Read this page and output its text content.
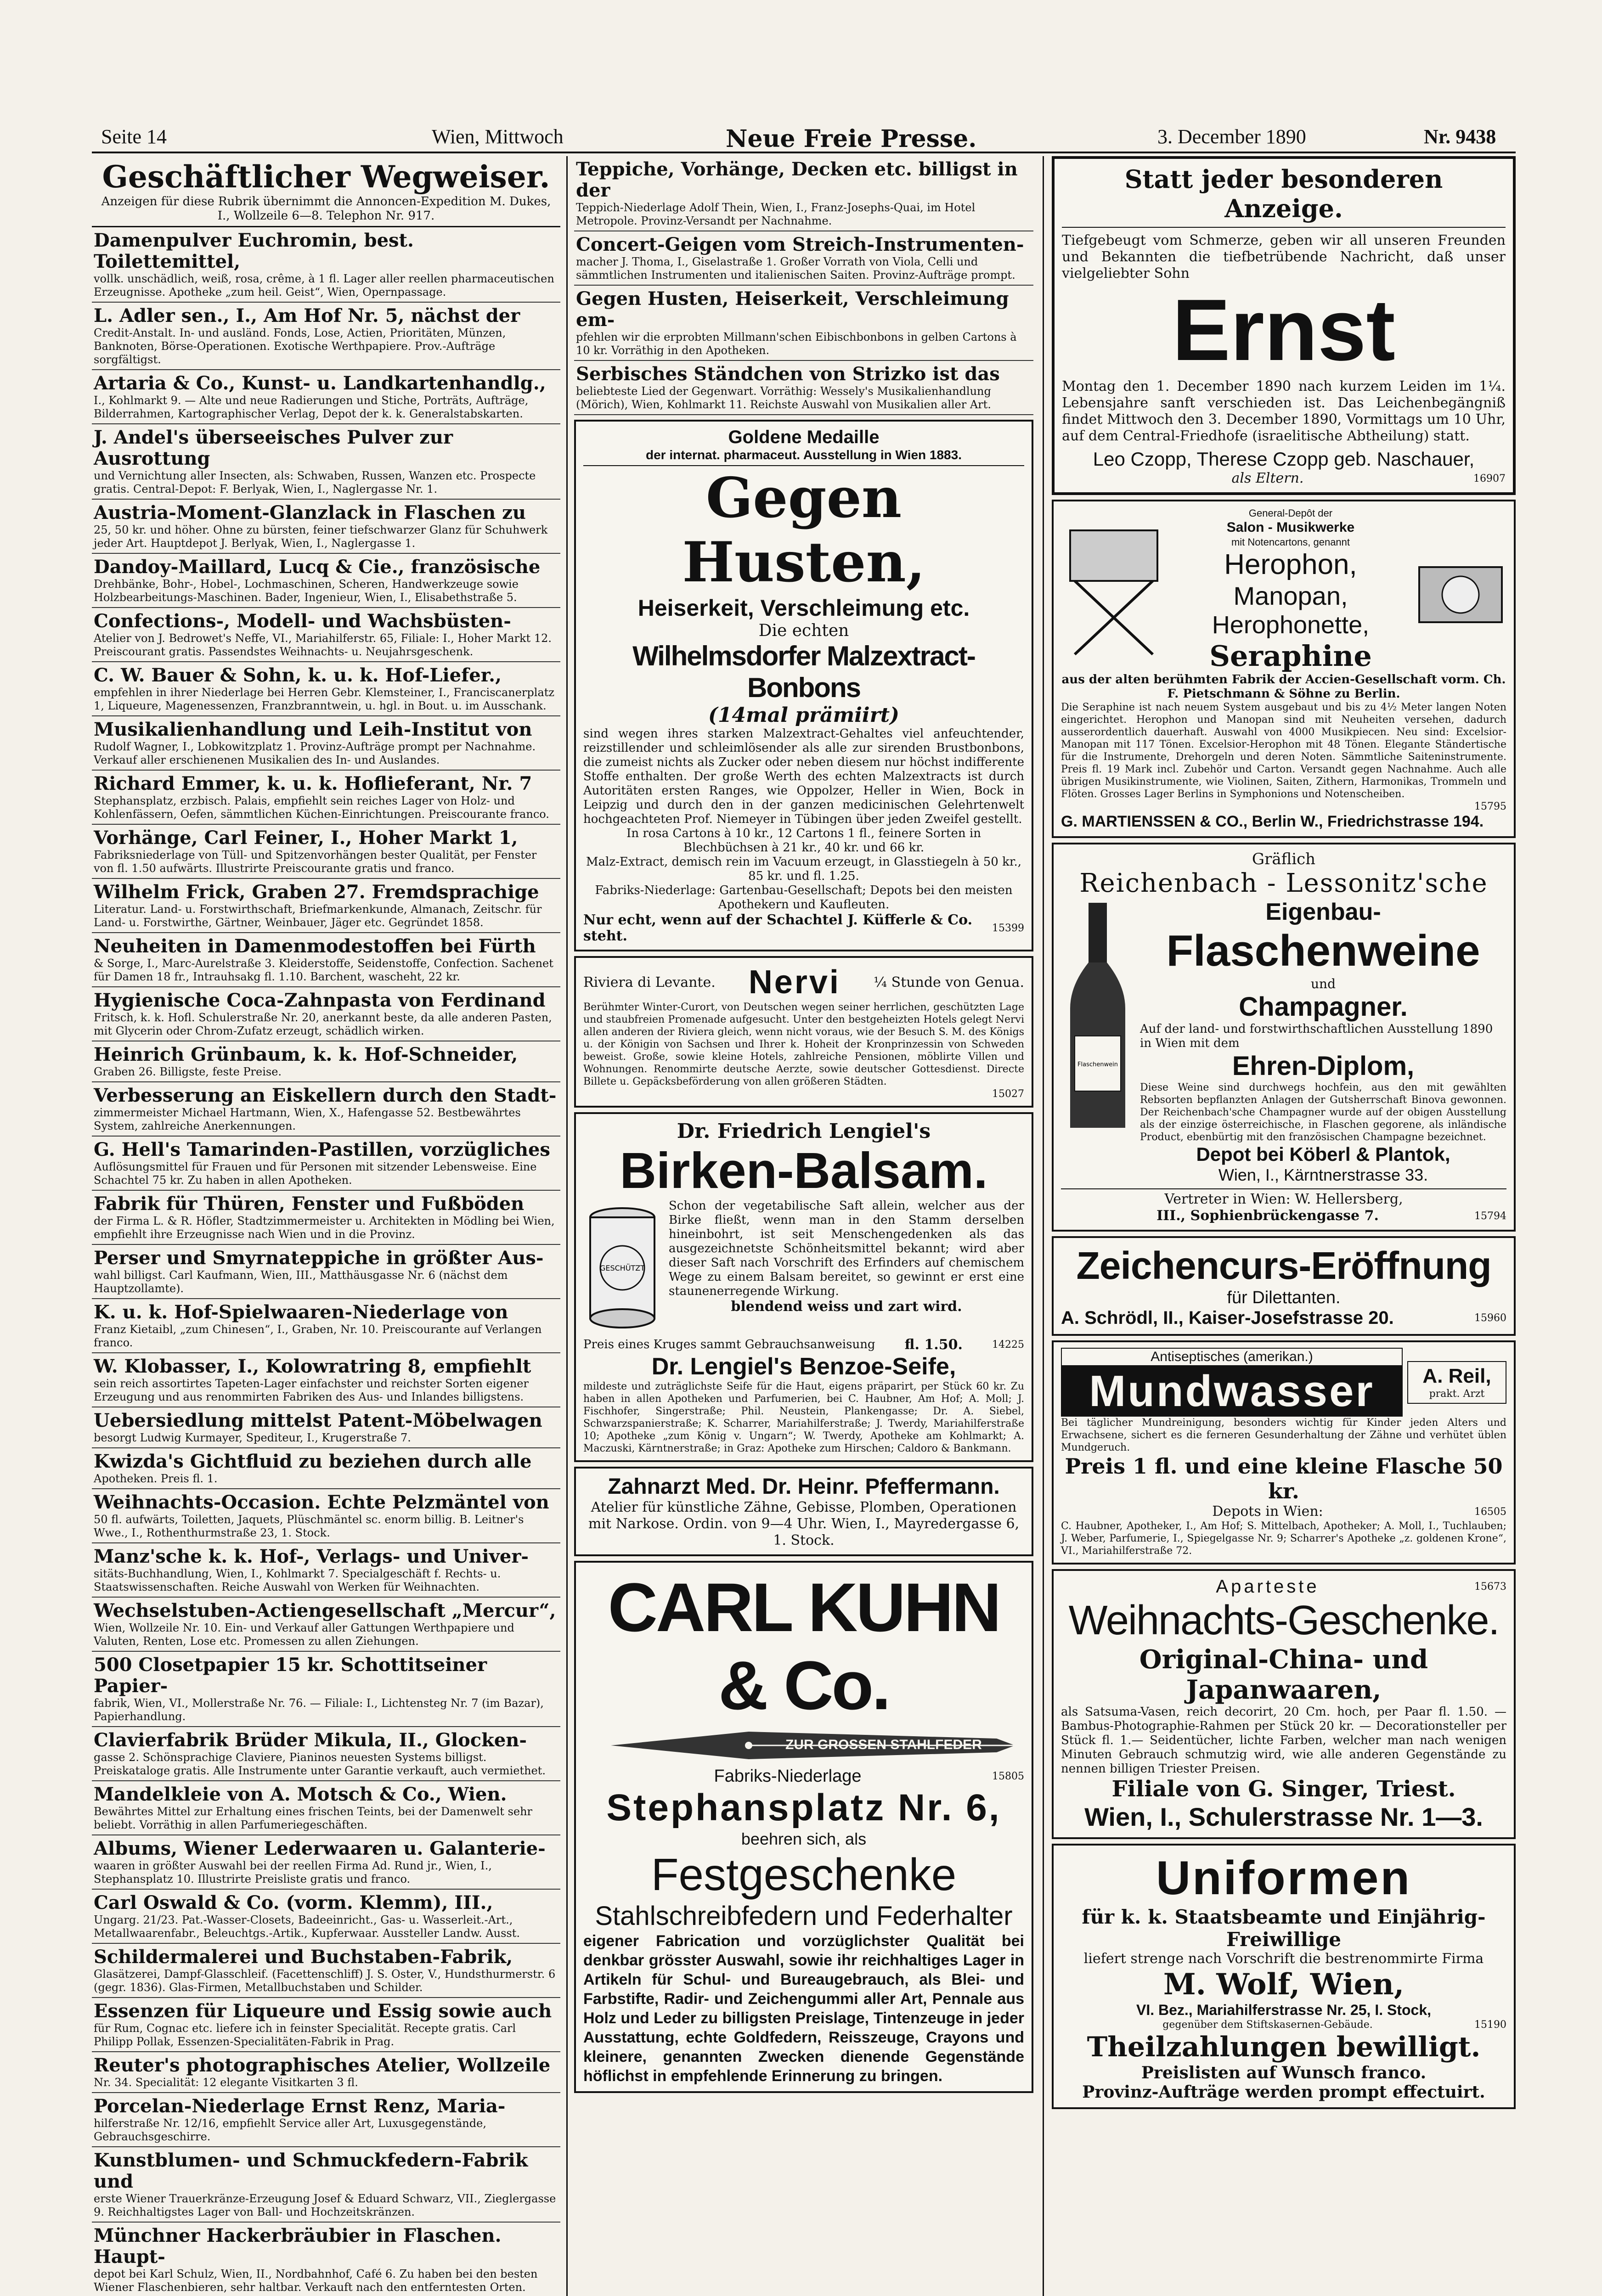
Seite 14	Wien, Mittwoch	Neue Freie Presse.	3. December 1890	Nr. 9438
Geschäftlicher Wegweiser.
Anzeigen für diese Rubrik übernimmt die Annoncen-Expedition M. Dukes, I., Wollzeile 6—8. Telephon Nr. 917.
Damenpulver Euchromin, best. Toilettemittel,
vollk. unschädlich, weiß, rosa, crême, à 1 fl. Lager aller reellen pharmaceutischen Erzeugnisse. Apotheke „zum heil. Geist“, Wien, Opernpassage.
L. Adler sen., I., Am Hof Nr. 5, nächst der
Credit-Anstalt. In- und ausländ. Fonds, Lose, Actien, Prioritäten, Münzen, Banknoten, Börse-Operationen. Exotische Werthpapiere. Prov.-Aufträge sorgfältigst.
Artaria & Co., Kunst- u. Landkartenhandlg.,
I., Kohlmarkt 9. — Alte und neue Radierungen und Stiche, Porträts, Aufträge, Bilderrahmen, Kartographischer Verlag, Depot der k. k. Generalstabskarten.
J. Andel's überseeisches Pulver zur Ausrottung
und Vernichtung aller Insecten, als: Schwaben, Russen, Wanzen etc. Prospecte gratis. Central-Depot: F. Berlyak, Wien, I., Naglergasse Nr. 1.
Austria-Moment-Glanzlack in Flaschen zu
25, 50 kr. und höher. Ohne zu bürsten, feiner tiefschwarzer Glanz für Schuhwerk jeder Art. Hauptdepot J. Berlyak, Wien, I., Naglergasse 1.
Dandoy-Maillard, Lucq & Cie., französische
Drehbänke, Bohr-, Hobel-, Lochmaschinen, Scheren, Handwerkzeuge sowie Holzbearbeitungs-Maschinen. Bader, Ingenieur, Wien, I., Elisabethstraße 5.
Confections-, Modell- und Wachsbüsten-
Atelier von J. Bedrowet's Neffe, VI., Mariahilferstr. 65, Filiale: I., Hoher Markt 12. Preiscourant gratis. Passendstes Weihnachts- u. Neujahrsgeschenk.
C. W. Bauer & Sohn, k. u. k. Hof-Liefer.,
empfehlen in ihrer Niederlage bei Herren Gebr. Klemsteiner, I., Franciscanerplatz 1, Liqueure, Magenessenzen, Franzbranntwein, u. hgl. in Bout. u. im Ausschank.
Musikalienhandlung und Leih-Institut von
Rudolf Wagner, I., Lobkowitzplatz 1. Provinz-Aufträge prompt per Nachnahme. Verkauf aller erschienenen Musikalien des In- und Auslandes.
Richard Emmer, k. u. k. Hoflieferant, Nr. 7
Stephansplatz, erzbisch. Palais, empfiehlt sein reiches Lager von Holz- und Kohlenfässern, Oefen, sämmtlichen Küchen-Einrichtungen. Preiscourante franco.
Vorhänge, Carl Feiner, I., Hoher Markt 1,
Fabriksniederlage von Tüll- und Spitzenvorhängen bester Qualität, per Fenster von fl. 1.50 aufwärts. Illustrirte Preiscourante gratis und franco.
Wilhelm Frick, Graben 27. Fremdsprachige
Literatur. Land- u. Forstwirthschaft, Briefmarkenkunde, Almanach, Zeitschr. für Land- u. Forstwirthe, Gärtner, Weinbauer, Jäger etc. Gegründet 1858.
Neuheiten in Damenmodestoffen bei Fürth
& Sorge, I., Marc-Aurelstraße 3. Kleiderstoffe, Seidenstoffe, Confection. Sachenet für Damen 18 fr., Intrauhsakg fl. 1.10. Barchent, wascheht, 22 kr.
Hygienische Coca-Zahnpasta von Ferdinand
Fritsch, k. k. Hofl. Schulerstraße Nr. 20, anerkannt beste, da alle anderen Pasten, mit Glycerin oder Chrom-Zufatz erzeugt, schädlich wirken.
Heinrich Grünbaum, k. k. Hof-Schneider,
Graben 26. Billigste, feste Preise.
Verbesserung an Eiskellern durch den Stadt-
zimmermeister Michael Hartmann, Wien, X., Hafengasse 52. Bestbewährtes System, zahlreiche Anerkennungen.
G. Hell's Tamarinden-Pastillen, vorzügliches
Auflösungsmittel für Frauen und für Personen mit sitzender Lebensweise. Eine Schachtel 75 kr. Zu haben in allen Apotheken.
Fabrik für Thüren, Fenster und Fußböden
der Firma L. & R. Höfler, Stadtzimmermeister u. Architekten in Mödling bei Wien, empfiehlt ihre Erzeugnisse nach Wien und in die Provinz.
Perser und Smyrnateppiche in größter Aus-
wahl billigst. Carl Kaufmann, Wien, III., Matthäusgasse Nr. 6 (nächst dem Hauptzollamte).
K. u. k. Hof-Spielwaaren-Niederlage von
Franz Kietaibl, „zum Chinesen“, I., Graben, Nr. 10. Preiscourante auf Verlangen franco.
W. Klobasser, I., Kolowratring 8, empfiehlt
sein reich assortirtes Tapeten-Lager einfachster und reichster Sorten eigener Erzeugung und aus renommirten Fabriken des Aus- und Inlandes billigstens.
Uebersiedlung mittelst Patent-Möbelwagen
besorgt Ludwig Kurmayer, Spediteur, I., Krugerstraße 7.
Kwizda's Gichtfluid zu beziehen durch alle
Apotheken. Preis fl. 1.
Weihnachts-Occasion. Echte Pelzmäntel von
50 fl. aufwärts, Toiletten, Jaquets, Plüschmäntel sc. enorm billig. B. Leitner's Wwe., I., Rothenthurmstraße 23, 1. Stock.
Manz'sche k. k. Hof-, Verlags- und Univer-
sitäts-Buchhandlung, Wien, I., Kohlmarkt 7. Specialgeschäft f. Rechts- u. Staatswissenschaften. Reiche Auswahl von Werken für Weihnachten.
Wechselstuben-Actiengesellschaft „Mercur“,
Wien, Wollzeile Nr. 10. Ein- und Verkauf aller Gattungen Werthpapiere und Valuten, Renten, Lose etc. Promessen zu allen Ziehungen.
500 Closetpapier 15 kr. Schottitseiner Papier-
fabrik, Wien, VI., Mollerstraße Nr. 76. — Filiale: I., Lichtensteg Nr. 7 (im Bazar), Papierhandlung.
Clavierfabrik Brüder Mikula, II., Glocken-
gasse 2. Schönsprachige Claviere, Pianinos neuesten Systems billigst. Preiskataloge gratis. Alle Instrumente unter Garantie verkauft, auch vermiethet.
Mandelkleie von A. Motsch & Co., Wien.
Bewährtes Mittel zur Erhaltung eines frischen Teints, bei der Damenwelt sehr beliebt. Vorräthig in allen Parfumeriegeschäften.
Albums, Wiener Lederwaaren u. Galanterie-
waaren in größter Auswahl bei der reellen Firma Ad. Rund jr., Wien, I., Stephansplatz 10. Illustrirte Preisliste gratis und franco.
Carl Oswald & Co. (vorm. Klemm), III.,
Ungarg. 21/23. Pat.-Wasser-Closets, Badeeinricht., Gas- u. Wasserleit.-Art., Metallwaarenfabr., Beleuchtgs.-Artik., Kupferwaar. Aussteller Landw. Ausst.
Schildermalerei und Buchstaben-Fabrik,
Glasätzerei, Dampf-Glasschleif. (Facettenschliff) J. S. Oster, V., Hundsthurmerstr. 6 (gegr. 1836). Glas-Firmen, Metallbuchstaben und Schilder.
Essenzen für Liqueure und Essig sowie auch
für Rum, Cognac etc. liefere ich in feinster Specialität. Recepte gratis. Carl Philipp Pollak, Essenzen-Specialitäten-Fabrik in Prag.
Reuter's photographisches Atelier, Wollzeile
Nr. 34. Specialität: 12 elegante Visitkarten 3 fl.
Porcelan-Niederlage Ernst Renz, Maria-
hilferstraße Nr. 12/16, empfiehlt Service aller Art, Luxusgegenstände, Gebrauchsgeschirre.
Kunstblumen- und Schmuckfedern-Fabrik und
erste Wiener Trauerkränze-Erzeugung Josef & Eduard Schwarz, VII., Zieglergasse 9. Reichhaltigstes Lager von Ball- und Hochzeitskränzen.
Münchner Hackerbräubier in Flaschen. Haupt-
depot bei Karl Schulz, Wien, II., Nordbahnhof, Café 6. Zu haben bei den besten Wiener Flaschenbieren, sehr haltbar. Verkauft nach den entferntesten Orten.
Teppiche, Vorhänge, Decken etc. billigst in der
Teppich-Niederlage Adolf Thein, Wien, I., Franz-Josephs-Quai, im Hotel Metropole. Provinz-Versandt per Nachnahme.
Concert-Geigen vom Streich-Instrumenten-
macher J. Thoma, I., Giselastraße 1. Großer Vorrath von Viola, Celli und sämmtlichen Instrumenten und italienischen Saiten. Provinz-Aufträge prompt.
Gegen Husten, Heiserkeit, Verschleimung em-
pfehlen wir die erprobten Millmann'schen Eibischbonbons in gelben Cartons à 10 kr. Vorräthig in den Apotheken.
Serbisches Ständchen von Strizko ist das
beliebteste Lied der Gegenwart. Vorräthig: Wessely's Musikalienhandlung (Mörich), Wien, Kohlmarkt 11. Reichste Auswahl von Musikalien aller Art.
Goldene Medaille
der internat. pharmaceut. Ausstellung in Wien 1883.
Gegen Husten,
Heiserkeit, Verschleimung etc.
Die echten
Wilhelmsdorfer Malzextract-Bonbons
(14mal prämiirt)
sind wegen ihres starken Malzextract-Gehaltes viel anfeuchtender, reizstillender und schleimlösender als alle zur sirenden Brustbonbons, die zumeist nichts als Zucker oder neben diesem nur höchst indifferente Stoffe enthalten. Der große Werth des echten Malzextracts ist durch Autoritäten ersten Ranges, wie Oppolzer, Heller in Wien, Bock in Leipzig und durch den in der ganzen medicinischen Gelehrtenwelt hochgeachteten Prof. Niemeyer in Tübingen über jeden Zweifel gestellt.
In rosa Cartons à 10 kr., 12 Cartons 1 fl., feinere Sorten in Blechbüchsen à 21 kr., 40 kr. und 66 kr.
Malz-Extract, demisch rein im Vacuum erzeugt, in Glasstiegeln à 50 kr., 85 kr. und fl. 1.25.
Fabriks-Niederlage: Gartenbau-Gesellschaft; Depots bei den meisten Apothekern und Kaufleuten.
Nur echt, wenn auf der Schachtel J. Küfferle & Co. steht.	15399
Riviera di Levante. Nervi ¼ Stunde von Genua.
Berühmter Winter-Curort, von Deutschen wegen seiner herrlichen, geschützten Lage und staubfreien Promenade aufgesucht. Unter den bestgeheizten Hotels gelegt Nervi allen anderen der Riviera gleich, wenn nicht voraus, wie der Besuch S. M. des Königs u. der Königin von Sachsen und Ihrer k. Hoheit der Kronprinzessin von Schweden beweist. Große, sowie kleine Hotels, zahlreiche Pensionen, möblirte Villen und Wohnungen. Renommirte deutsche Aerzte, sowie deutscher Gottesdienst. Directe Billete u. Gepäcksbeförderung von allen größeren Städten.
15027
Dr. Friedrich Lengiel's
Birken-Balsam.
GESCHÜTZT
Schon der vegetabilische Saft allein, welcher aus der Birke fließt, wenn man in den Stamm derselben hineinbohrt, ist seit Menschengedenken als das ausgezeichnetste Schönheitsmittel bekannt; wird aber dieser Saft nach Vorschrift des Erfinders auf chemischem Wege zu einem Balsam bereitet, so gewinnt er erst eine staunenerregende Wirkung.
blendend weiss und zart wird.
Preis eines Kruges sammt Gebrauchsanweisung fl. 1.50.	14225
Dr. Lengiel's Benzoe-Seife,
mildeste und zuträglichste Seife für die Haut, eigens präparirt, per Stück 60 kr. Zu haben in allen Apotheken und Parfumerien, bei C. Haubner, Am Hof; A. Moll; J. Fischhofer, Singerstraße; Phil. Neustein, Plankengasse; Dr. A. Siebel, Schwarzspanierstraße; K. Scharrer, Mariahilferstraße; J. Twerdy, Mariahilferstraße 10; Apotheke „zum König v. Ungarn“; W. Twerdy, Apotheke am Kohlmarkt; A. Maczuski, Kärntnerstraße; in Graz: Apotheke zum Hirschen; Caldoro & Bankmann.
Zahnarzt Med. Dr. Heinr. Pfeffermann.
Atelier für künstliche Zähne, Gebisse, Plomben, Operationen mit Narkose. Ordin. von 9—4 Uhr. Wien, I., Mayredergasse 6, 1. Stock.
CARL KUHN & Co.
ZUR GROSSEN STAHLFEDER
Fabriks-Niederlage	15805
Stephansplatz Nr. 6,
beehren sich, als
Festgeschenke
Stahlschreibfedern und Federhalter
eigener Fabrication und vorzüglichster Qualität bei denkbar grösster Auswahl, sowie ihr reichhaltiges Lager in Artikeln für Schul- und Bureaugebrauch, als Blei- und Farbstifte, Radir- und Zeichengummi aller Art, Pennale aus Holz und Leder zu billigsten Preislage, Tintenzeuge in jeder Ausstattung, echte Goldfedern, Reisszeuge, Crayons und kleinere, genannten Zwecken dienende Gegenstände höflichst in empfehlende Erinnerung zu bringen.
Statt jeder besonderen Anzeige.
Tiefgebeugt vom Schmerze, geben wir all unseren Freunden und Bekannten die tiefbetrübende Nachricht, daß unser vielgeliebter Sohn
Ernst
Montag den 1. December 1890 nach kurzem Leiden im 1¼. Lebensjahre sanft verschieden ist. Das Leichenbegängniß findet Mittwoch den 3. December 1890, Vormittags um 10 Uhr, auf dem Central-Friedhofe (israelitische Abtheilung) statt.
Leo Czopp, Therese Czopp geb. Naschauer,
als Eltern.	16907
General-Depôt der
Salon - Musikwerke
mit Notencartons, genannt
Herophon,
Manopan,
Herophonette,
Seraphine
aus der alten berühmten Fabrik der Accien-Gesellschaft vorm. Ch. F. Pietschmann & Söhne zu Berlin.
Die Seraphine ist nach neuem System ausgebaut und bis zu 4½ Meter langen Noten eingerichtet. Herophon und Manopan sind mit Neuheiten versehen, dadurch ausserordentlich dauerhaft. Auswahl von 4000 Musikpiecen. Neu sind: Excelsior-Manopan mit 117 Tönen. Excelsior-Herophon mit 48 Tönen. Elegante Ständertische für die Instrumente, Drehorgeln und deren Noten. Sämmtliche Saiteninstrumente. Preis fl. 19 Mark incl. Zubehör und Carton. Versandt gegen Nachnahme. Auch alle übrigen Musikinstrumente, wie Violinen, Saiten, Zithern, Harmonikas, Trommeln und Flöten. Grosses Lager Berlins in Symphonions und Notenscheiben.
15795
G. MARTIENSSEN & CO., Berlin W., Friedrichstrasse 194.
Gräflich
Reichenbach - Lessonitz'sche
Flaschenwein
Eigenbau-
Flaschenweine
und
Champagner.
Auf der land- und forstwirthschaftlichen Ausstellung 1890 in Wien mit dem
Ehren-Diplom,
Diese Weine sind durchwegs hochfein, aus den mit gewählten Rebsorten bepflanzten Anlagen der Gutsherrschaft Binova gewonnen. Der Reichenbach'sche Champagner wurde auf der obigen Ausstellung als der einzige österreichische, in Flaschen gegorene, als inländische Product, ebenbürtig mit den französischen Champagne bezeichnet.
Depot bei Köberl & Plantok,
Wien, I., Kärntnerstrasse 33.
Vertreter in Wien: W. Hellersberg,
III., Sophienbrückengasse 7.	15794
Zeichencurs-Eröffnung
für Dilettanten.
A. Schrödl, II., Kaiser-Josefstrasse 20.	15960
Antiseptisches (amerikan.)
Mundwasser	A. Reil,
prakt. Arzt
Bei täglicher Mundreinigung, besonders wichtig für Kinder jeden Alters und Erwachsene, sichert es die ferneren Gesunderhaltung der Zähne und verhütet üblen Mundgeruch.
Preis 1 fl. und eine kleine Flasche 50 kr.
Depots in Wien:	16505
C. Haubner, Apotheker, I., Am Hof; S. Mittelbach, Apotheker; A. Moll, I., Tuchlauben; J. Weber, Parfumerie, I., Spiegelgasse Nr. 9; Scharrer's Apotheke „z. goldenen Krone“, VI., Mariahilferstraße 72.
Aparteste	15673
Weihnachts-Geschenke.
Original-China- und Japanwaaren,
als Satsuma-Vasen, reich decorirt, 20 Cm. hoch, per Paar fl. 1.50. — Bambus-Photographie-Rahmen per Stück 20 kr. — Decorationsteller per Stück fl. 1.— Seidentücher, lichte Farben, welcher man nach wenigen Minuten Gebrauch schmutzig wird, wie alle anderen Gegenstände zu nennen billigen Triester Preisen.
Filiale von G. Singer, Triest.
Wien, I., Schulerstrasse Nr. 1—3.
Uniformen
für k. k. Staatsbeamte und Einjährig-
Freiwillige
liefert strenge nach Vorschrift die bestrenommirte Firma
M. Wolf, Wien,
VI. Bez., Mariahilferstrasse Nr. 25, I. Stock,
gegenüber dem Stiftskasernen-Gebäude.	15190
Theilzahlungen bewilligt.
Preislisten auf Wunsch franco.
Provinz-Aufträge werden prompt effectuirt.
